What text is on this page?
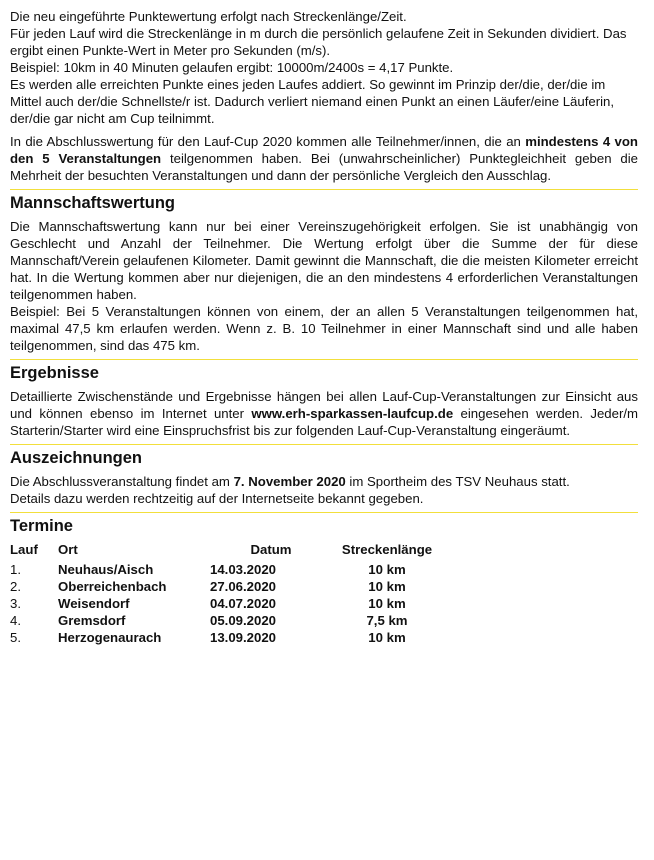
Die neu eingeführte Punktewertung erfolgt nach Streckenlänge/Zeit.

Für jeden Lauf wird die Streckenlänge in m durch die persönlich gelaufene Zeit in Sekunden dividiert. Das ergibt einen Punkte-Wert in Meter pro Sekunden (m/s).

Beispiel: 10km in 40 Minuten gelaufen ergibt: 10000m/2400s = 4,17 Punkte.

Es werden alle erreichten Punkte eines jeden Laufes addiert. So gewinnt im Prinzip der/die, der/die im Mittel auch der/die Schnellste/r ist. Dadurch verliert niemand einen Punkt an einen Läufer/eine Läuferin, der/die gar nicht am Cup teilnimmt.

In die Abschlusswertung für den Lauf-Cup 2020 kommen alle Teilnehmer/innen, die an mindestens 4 von den 5 Veranstaltungen teilgenommen haben. Bei (unwahrscheinlicher) Punktegleichheit geben die Mehrheit der besuchten Veranstaltungen und dann der persönliche Vergleich den Ausschlag.

Mannschaftswertung

Die Mannschaftswertung kann nur bei einer Vereinszugehörigkeit erfolgen. Sie ist unabhängig von Geschlecht und Anzahl der Teilnehmer. Die Wertung erfolgt über die Summe der für diese Mannschaft/Verein gelaufenen Kilometer. Damit gewinnt die Mannschaft, die die meisten Kilometer erreicht hat. In die Wertung kommen aber nur diejenigen, die an den mindestens 4 erforderlichen Veranstaltungen teilgenommen haben.

Beispiel: Bei 5 Veranstaltungen können von einem, der an allen 5 Veranstaltungen teilgenommen hat, maximal 47,5 km erlaufen werden. Wenn z. B. 10 Teilnehmer in einer Mannschaft sind und alle haben teilgenommen, sind das 475 km.

Ergebnisse

Detaillierte Zwischenstände und Ergebnisse hängen bei allen Lauf-Cup-Veranstaltungen zur Einsicht aus und können ebenso im Internet unter www.erh-sparkassen-laufcup.de eingesehen werden. Jeder/m Starterin/Starter wird eine Einspruchsfrist bis zur folgenden Lauf-Cup-Veranstaltung eingeräumt.

Auszeichnungen

Die Abschlussveranstaltung findet am 7. November 2020 im Sportheim des TSV Neuhaus statt. Details dazu werden rechtzeitig auf der Internetseite bekannt gegeben.

Termine
Lauf	Ort	Datum	Streckenlänge
1.	Neuhaus/Aisch	14.03.2020	10 km
2.	Oberreichenbach	27.06.2020	10 km
3.	Weisendorf	04.07.2020	10 km
4.	Gremsdorf	05.09.2020	7,5 km
5.	Herzogenaurach	13.09.2020	10 km
